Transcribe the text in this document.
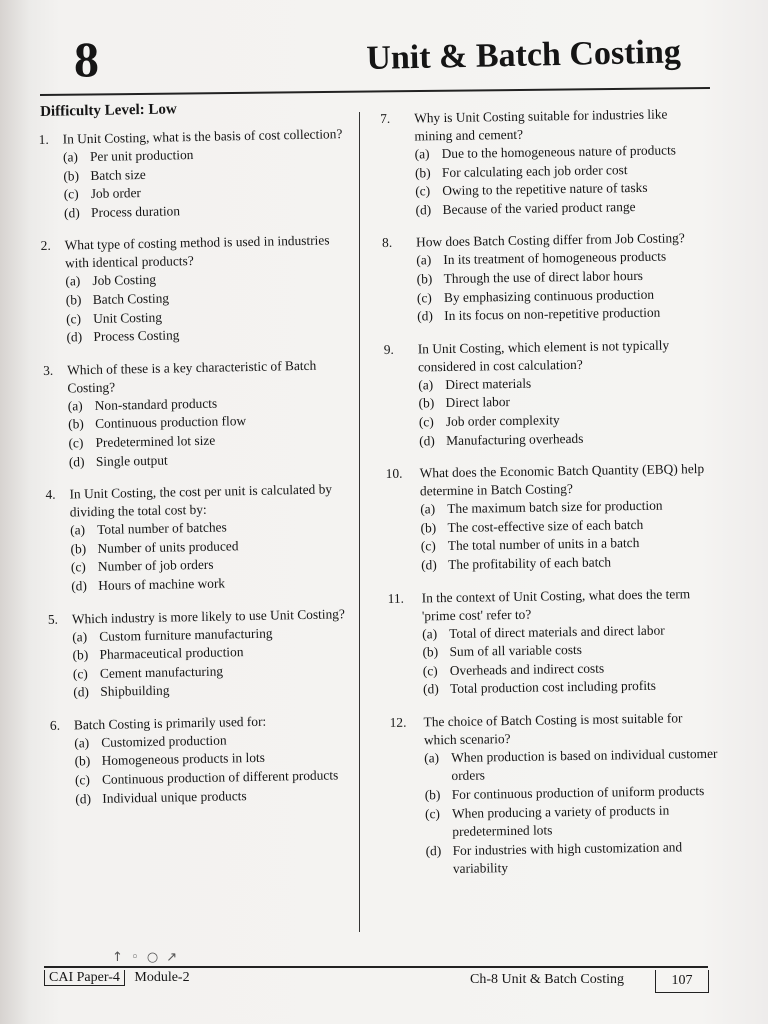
8	Unit & Batch Costing
Difficulty Level: Low
1.	In Unit Costing, what is the basis of cost collection?
(a) Per unit production
(b) Batch size
(c) Job order
(d) Process duration
2.	What type of costing method is used in industries with identical products?
(a) Job Costing
(b) Batch Costing
(c) Unit Costing
(d) Process Costing
3.	Which of these is a key characteristic of Batch Costing?
(a) Non-standard products
(b) Continuous production flow
(c) Predetermined lot size
(d) Single output
4.	In Unit Costing, the cost per unit is calculated by dividing the total cost by:
(a) Total number of batches
(b) Number of units produced
(c) Number of job orders
(d) Hours of machine work
5.	Which industry is more likely to use Unit Costing?
(a) Custom furniture manufacturing
(b) Pharmaceutical production
(c) Cement manufacturing
(d) Shipbuilding
6.	Batch Costing is primarily used for:
(a) Customized production
(b) Homogeneous products in lots
(c) Continuous production of different products
(d) Individual unique products
7.	Why is Unit Costing suitable for industries like mining and cement?
(a) Due to the homogeneous nature of products
(b) For calculating each job order cost
(c) Owing to the repetitive nature of tasks
(d) Because of the varied product range
8.	How does Batch Costing differ from Job Costing?
(a) In its treatment of homogeneous products
(b) Through the use of direct labor hours
(c) By emphasizing continuous production
(d) In its focus on non-repetitive production
9.	In Unit Costing, which element is not typically considered in cost calculation?
(a) Direct materials
(b) Direct labor
(c) Job order complexity
(d) Manufacturing overheads
10.	What does the Economic Batch Quantity (EBQ) help determine in Batch Costing?
(a) The maximum batch size for production
(b) The cost-effective size of each batch
(c) The total number of units in a batch
(d) The profitability of each batch
11.	In the context of Unit Costing, what does the term 'prime cost' refer to?
(a) Total of direct materials and direct labor
(b) Sum of all variable costs
(c) Overheads and indirect costs
(d) Total production cost including profits
12.	The choice of Batch Costing is most suitable for which scenario?
(a) When production is based on individual customer orders
(b) For continuous production of uniform products
(c) When producing a variety of products in predetermined lots
(d) For industries with high customization and variability
↑ ◦ ○ ↗
CAI Paper-4 Module-2	Ch-8 Unit & Batch Costing	107
